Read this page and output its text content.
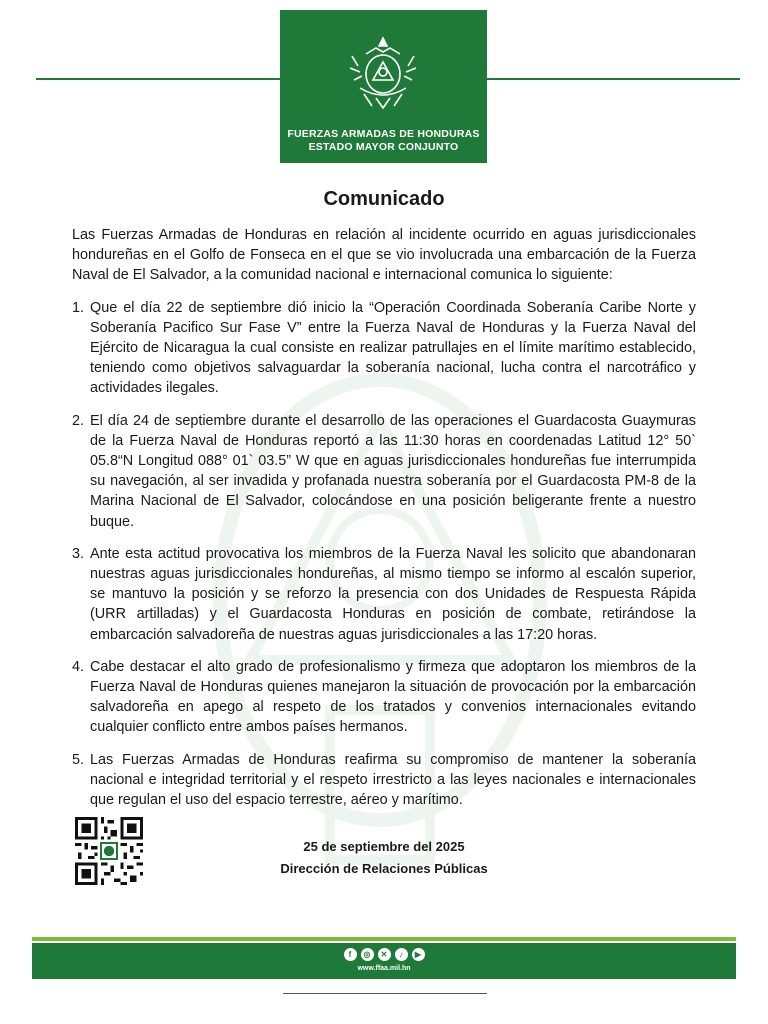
FUERZAS ARMADAS DE HONDURAS
ESTADO MAYOR CONJUNTO
Comunicado

Las Fuerzas Armadas de Honduras en relación al incidente ocurrido en aguas jurisdiccionales hondureñas en el Golfo de Fonseca en el que se vio involucrada una embarcación de la Fuerza Naval de El Salvador, a la comunidad nacional e internacional comunica lo siguiente:

1. Que el día 22 de septiembre dió inicio la “Operación Coordinada Soberanía Caribe Norte y Soberanía Pacifico Sur Fase V” entre la Fuerza Naval de Honduras y la Fuerza Naval del Ejército de Nicaragua la cual consiste en realizar patrullajes en el límite marítimo establecido, teniendo como objetivos salvaguardar la soberanía nacional, lucha contra el narcotráfico y actividades ilegales.
2. El día 24 de septiembre durante el desarrollo de las operaciones el Guardacosta Guaymuras de la Fuerza Naval de Honduras reportó a las 11:30 horas en coordenadas Latitud 12° 50` 05.8“N Longitud 088° 01` 03.5” W que en aguas jurisdiccionales hondureñas fue interrumpida su navegación, al ser invadida y profanada nuestra soberanía por el Guardacosta PM-8 de la Marina Nacional de El Salvador, colocándose en una posición beligerante frente a nuestro buque.
3. Ante esta actitud provocativa los miembros de la Fuerza Naval les solicito que abandonaran nuestras aguas jurisdiccionales hondureñas, al mismo tiempo se informo al escalón superior, se mantuvo la posición y se reforzo la presencia con dos Unidades de Respuesta Rápida (URR artilladas) y el Guardacosta Honduras en posición de combate, retirándose la embarcación salvadoreña de nuestras aguas jurisdiccionales a las 17:20 horas.
4. Cabe destacar el alto grado de profesionalismo y firmeza que adoptaron los miembros de la Fuerza Naval de Honduras quienes manejaron la situación de provocación por la embarcación salvadoreña en apego al respeto de los tratados y convenios internacionales evitando cualquier conflicto entre ambos países hermanos.
5. Las Fuerzas Armadas de Honduras reafirma su compromiso de mantener la soberanía nacional e integridad territorial y el respeto irrestricto a las leyes nacionales e internacionales que regulan el uso del espacio terrestre, aéreo y marítimo.
25 de septiembre del 2025
Dirección de Relaciones Públicas
f
	◎
	✕
	♪
	▶
www.ffaa.mil.hn
